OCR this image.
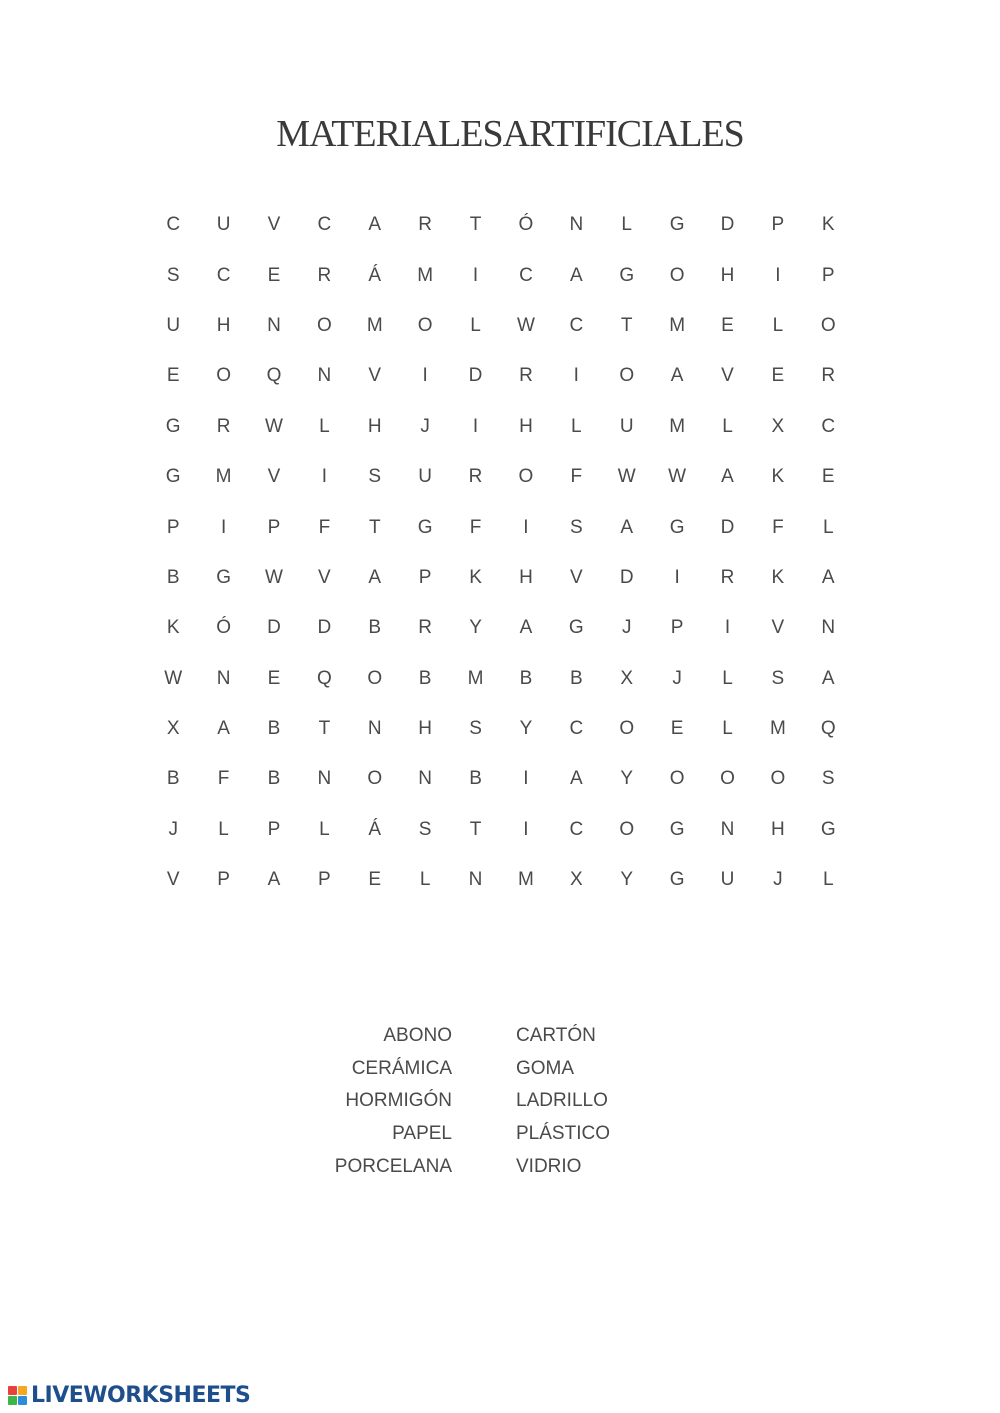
MATERIALESARTIFICIALES
C	U	V	C	A	R	T	Ó	N	L	G	D	P	K
S	C	E	R	Á	M	I	C	A	G	O	H	I	P
U	H	N	O	M	O	L	W	C	T	M	E	L	O
E	O	Q	N	V	I	D	R	I	O	A	V	E	R
G	R	W	L	H	J	I	H	L	U	M	L	X	C
G	M	V	I	S	U	R	O	F	W	W	A	K	E
P	I	P	F	T	G	F	I	S	A	G	D	F	L
B	G	W	V	A	P	K	H	V	D	I	R	K	A
K	Ó	D	D	B	R	Y	A	G	J	P	I	V	N
W	N	E	Q	O	B	M	B	B	X	J	L	S	A
X	A	B	T	N	H	S	Y	C	O	E	L	M	Q
B	F	B	N	O	N	B	I	A	Y	O	O	O	S
J	L	P	L	Á	S	T	I	C	O	G	N	H	G
V	P	A	P	E	L	N	M	X	Y	G	U	J	L
ABONO
CERÁMICA
HORMIGÓN
PAPEL
PORCELANA
CARTÓN
GOMA
LADRILLO
PLÁSTICO
VIDRIO
LIVEWORKSHEETS
